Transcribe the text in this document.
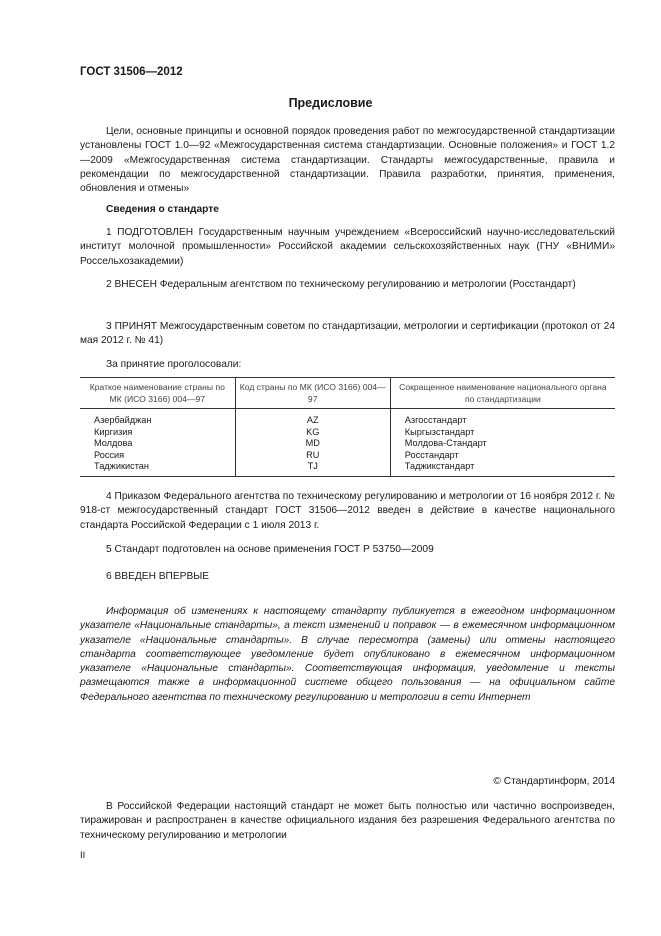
ГОСТ 31506—2012
Предисловие
Цели, основные принципы и основной порядок проведения работ по межгосударственной стандартизации установлены ГОСТ 1.0—92 «Межгосударственная система стандартизации. Основные положения» и ГОСТ 1.2—2009 «Межгосударственная система стандартизации. Стандарты межгосударственные, правила и рекомендации по межгосударственной стандартизации. Правила разработки, принятия, применения, обновления и отмены»
Сведения о стандарте
1 ПОДГОТОВЛЕН Государственным научным учреждением «Всероссийский научно-исследовательский институт молочной промышленности» Российской академии сельскохозяйственных наук (ГНУ «ВНИМИ» Россельхозакадемии)
2 ВНЕСЕН Федеральным агентством по техническому регулированию и метрологии (Росстандарт)
3 ПРИНЯТ Межгосударственным советом по стандартизации, метрологии и сертификации (протокол от 24 мая 2012 г. № 41)
За принятие проголосовали:
Краткое наименование страны по МК (ИСО 3166) 004—97	Код страны по МК (ИСО 3166) 004—97	Сокращенное наименование национального органа по стандартизации
Азербайджан	AZ	Азгосстандарт
Киргизия	KG	Кыргызстандарт
Молдова	MD	Молдова-Стандарт
Россия	RU	Росстандарт
Таджикистан	TJ	Таджикстандарт
4 Приказом Федерального агентства по техническому регулированию и метрологии от 16 ноября 2012 г. № 918-ст межгосударственный стандарт ГОСТ 31506—2012 введен в действие в качестве национального стандарта Российской Федерации с 1 июля 2013 г.
5 Стандарт подготовлен на основе применения ГОСТ Р 53750—2009
6 ВВЕДЕН ВПЕРВЫЕ
Информация об изменениях к настоящему стандарту публикуется в ежегодном информационном указателе «Национальные стандарты», а текст изменений и поправок — в ежемесячном информационном указателе «Национальные стандарты». В случае пересмотра (замены) или отмены настоящего стандарта соответствующее уведомление будет опубликовано в ежемесячном информационном указателе «Национальные стандарты». Соответствующая информация, уведомление и тексты размещаются также в информационной системе общего пользования — на официальном сайте Федерального агентства по техническому регулированию и метрологии в сети Интернет
© Стандартинформ, 2014
В Российской Федерации настоящий стандарт не может быть полностью или частично воспроизведен, тиражирован и распространен в качестве официального издания без разрешения Федерального агентства по техническому регулированию и метрологии
II
